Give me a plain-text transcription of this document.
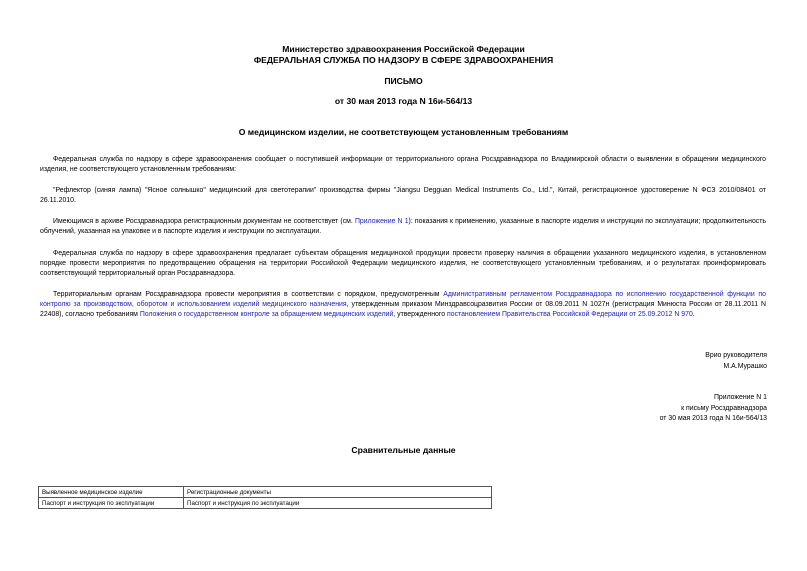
Министерство здравоохранения Российской Федерации
ФЕДЕРАЛЬНАЯ СЛУЖБА ПО НАДЗОРУ В СФЕРЕ ЗДРАВООХРАНЕНИЯ
ПИСЬМО
от 30 мая 2013 года N 16и-564/13
О медицинском изделии, не соответствующем установленным требованиям
Федеральная служба по надзору в сфере здравоохранения сообщает о поступившей информации от территориального органа Росздравнадзора по Владимирской области о выявлении в обращении медицинского изделия, не соответствующего установленным требованиям:
"Рефлектор (синяя лампа) "Ясное солнышко" медицинский для светотерапии" производства фирмы "Jiangsu Degguan Medical Instruments Co., Ltd.", Китай, регистрационное удостоверение N ФСЗ 2010/08401 от 26.11.2010.
Имеющимся в архиве Росздравнадзора регистрационным документам не соответствует (см. Приложение N 1): показания к применению, указанные в паспорте изделия и инструкции по эксплуатации; продолжительность облучений, указанная на упаковке и в паспорте изделия и инструкции по эксплуатации.
Федеральная служба по надзору в сфере здравоохранения предлагает субъектам обращения медицинской продукции провести проверку наличия в обращении указанного медицинского изделия, в установленном порядке провести мероприятия по предотвращению обращения на территории Российской Федерации медицинского изделия, не соответствующего установленным требованиям, и о результатах проинформировать соответствующий территориальный орган Росздравнадзора.
Территориальным органам Росздравнадзора провести мероприятия в соответствии с порядком, предусмотренным Административным регламентом Росздравнадзора по исполнению государственной функции по контролю за производством, оборотом и использованием изделий медицинского назначения, утвержденным приказом Минздравсоцразвития России от 08.09.2011 N 1027н (регистрация Минюста России от 28.11.2011 N 22408), согласно требованиям Положения о государственном контроле за обращением медицинских изделий, утвержденного постановлением Правительства Российской Федерации от 25.09.2012 N 970.
Врио руководителя
М.А.Мурашко
Приложение N 1
к письму Росздравнадзора
от 30 мая 2013 года N 16и-564/13
Сравнительные данные
Выявленное медицинское изделие	Регистрационные документы
Паспорт и инструкция по эксплуатации	Паспорт и инструкция по эксплуатации
